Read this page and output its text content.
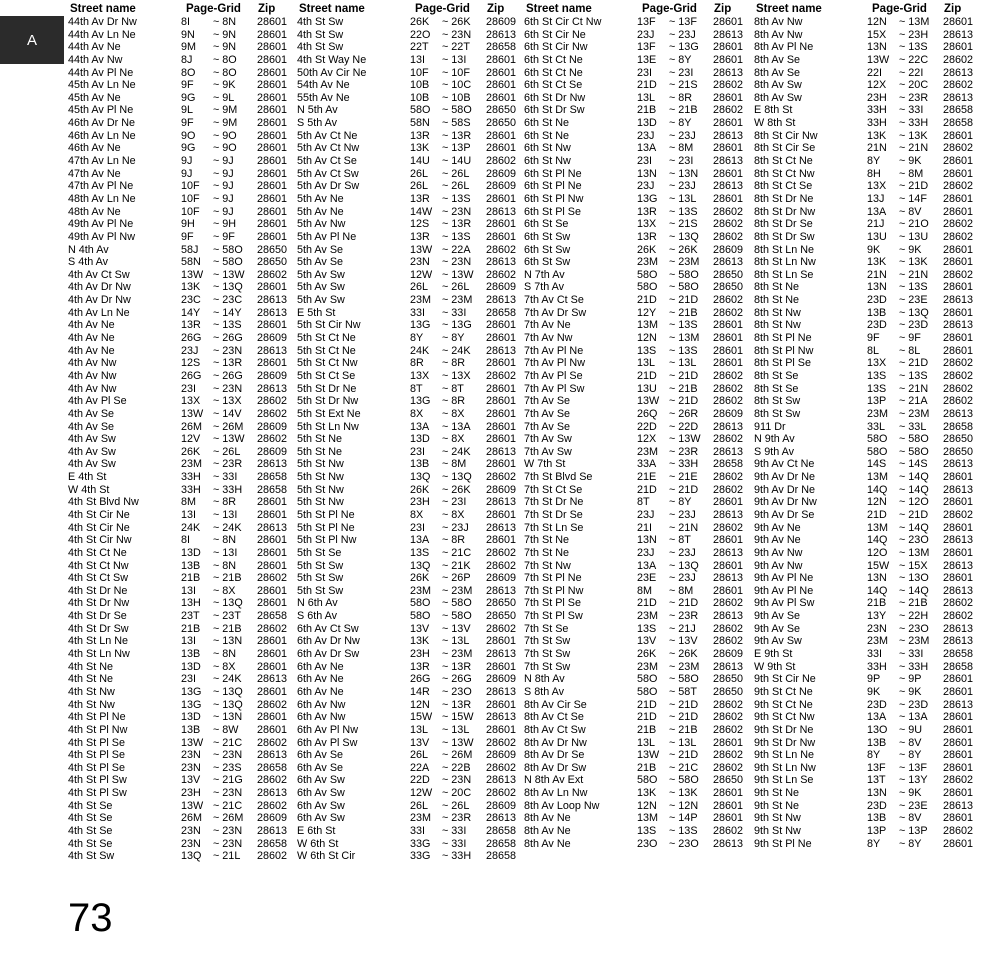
A
Street name	Page-Grid Zip
44th Av Dr Nw	8I ~ 8N 28601
44th Av Ln Ne	9N ~ 9N 28601
44th Av Ne	9M ~ 9N 28601
44th Av Nw	8J ~ 8O 28601
44th Av Pl Ne	8O ~ 8O 28601
45th Av Ln Ne	9F ~ 9K 28601
45th Av Ne	9G ~ 9L 28601
45th Av Pl Ne	9L ~ 9M 28601
46th Av Dr Ne	9F ~ 9M 28601
46th Av Ln Ne	9O ~ 9O 28601
46th Av Ne	9G ~ 9O 28601
47th Av Ln Ne	9J ~ 9J 28601
47th Av Ne	9J ~ 9J 28601
47th Av Pl Ne	10F ~ 9J 28601
48th Av Ln Ne	10F ~ 9J 28601
48th Av Ne	10F ~ 9J 28601
49th Av Pl Ne	9H ~ 9H 28601
49th Av Pl Nw	9F ~ 9F 28601
N 4th Av	58J ~ 58O 28650
S 4th Av	58N ~ 58O 28650
4th Av Ct Sw	13W ~ 13W 28602
4th Av Dr Nw	13K ~ 13Q 28601
4th Av Dr Nw	23C ~ 23C 28613
4th Av Ln Ne	14Y ~ 14Y 28613
4th Av Ne	13R ~ 13S 28601
4th Av Ne	26G ~ 26G 28609
4th Av Ne	23J ~ 23N 28613
4th Av Nw	12S ~ 13R 28601
4th Av Nw	26G ~ 26G 28609
4th Av Nw	23I ~ 23N 28613
4th Av Pl Se	13X ~ 13X 28602
4th Av Se	13W ~ 14V 28602
4th Av Se	26M ~ 26M 28609
4th Av Sw	12V ~ 13W 28602
4th Av Sw	26K ~ 26L 28609
4th Av Sw	23M ~ 23R 28613
E 4th St	33H ~ 33I 28658
W 4th St	33H ~ 33H 28658
4th St Blvd Nw	8M ~ 8R 28601
4th St Cir Ne	13I ~ 13I 28601
4th St Cir Ne	24K ~ 24K 28613
4th St Cir Nw	8I ~ 8N 28601
4th St Ct Ne	13D ~ 13I 28601
4th St Ct Nw	13B ~ 8N 28601
4th St Ct Sw	21B ~ 21B 28602
4th St Dr Ne	13I ~ 8X 28601
4th St Dr Nw	13H ~ 13Q 28601
4th St Dr Se	23T ~ 23T 28658
4th St Dr Sw	21B ~ 21B 28602
4th St Ln Ne	13I ~ 13N 28601
4th St Ln Nw	13B ~ 8N 28601
4th St Ne	13D ~ 8X 28601
4th St Ne	23I ~ 24K 28613
4th St Nw	13G ~ 13Q 28601
4th St Nw	13G ~ 13Q 28602
4th St Pl Ne	13D ~ 13N 28601
4th St Pl Nw	13B ~ 8W 28601
4th St Pl Se	13W ~ 21C 28602
4th St Pl Se	23N ~ 23N 28613
4th St Pl Se	23N ~ 23S 28658
4th St Pl Sw	13V ~ 21G 28602
4th St Pl Sw	23H ~ 23N 28613
4th St Se	13W ~ 21C 28602
4th St Se	26M ~ 26M 28609
4th St Se	23N ~ 23N 28613
4th St Se	23N ~ 23N 28658
4th St Sw	13Q ~ 21L 28602
Street name	Page-Grid Zip
4th St Sw	26K ~ 26K 28609
4th St Sw	22O ~ 23N 28613
4th St Sw	22T ~ 22T 28658
4th St Way Ne	13I ~ 13I 28601
50th Av Cir Ne	10F ~ 10F 28601
54th Av Ne	10B ~ 10C 28601
55th Av Ne	10B ~ 10B 28601
N 5th Av	58O ~ 58O 28650
S 5th Av	58N ~ 58S 28650
5th Av Ct Ne	13R ~ 13R 28601
5th Av Ct Nw	13K ~ 13P 28601
5th Av Ct Se	14U ~ 14U 28602
5th Av Ct Sw	26L ~ 26L 28609
5th Av Dr Sw	26L ~ 26L 28609
5th Av Ne	13R ~ 13S 28601
5th Av Ne	14W ~ 23N 28613
5th Av Nw	12S ~ 13R 28601
5th Av Pl Ne	13R ~ 13S 28601
5th Av Se	13W ~ 22A 28602
5th Av Se	23N ~ 23N 28613
5th Av Sw	12W ~ 13W 28602
5th Av Sw	26L ~ 26L 28609
5th Av Sw	23M ~ 23M 28613
E 5th St	33I ~ 33I 28658
5th St Cir Nw	13G ~ 13G 28601
5th St Ct Ne	8Y ~ 8Y 28601
5th St Ct Ne	24K ~ 24K 28613
5th St Ct Nw	8R ~ 8R 28601
5th St Ct Se	13X ~ 13X 28602
5th St Dr Ne	8T ~ 8T 28601
5th St Dr Nw	13G ~ 8R 28601
5th St Ext Ne	8X ~ 8X 28601
5th St Ln Nw	13A ~ 13A 28601
5th St Ne	13D ~ 8X 28601
5th St Ne	23I ~ 24K 28613
5th St Nw	13B ~ 8M 28601
5th St Nw	13Q ~ 13Q 28602
5th St Nw	26K ~ 26K 28609
5th St Nw	23H ~ 23I 28613
5th St Pl Ne	8X ~ 8X 28601
5th St Pl Ne	23I ~ 23J 28613
5th St Pl Nw	13A ~ 8R 28601
5th St Se	13S ~ 21C 28602
5th St Sw	13Q ~ 21K 28602
5th St Sw	26K ~ 26P 28609
5th St Sw	23M ~ 23M 28613
N 6th Av	58O ~ 58O 28650
S 6th Av	58O ~ 58O 28650
6th Av Ct Sw	13V ~ 13V 28602
6th Av Dr Nw	13K ~ 13L 28601
6th Av Dr Sw	23H ~ 23M 28613
6th Av Ne	13R ~ 13R 28601
6th Av Ne	26G ~ 26G 28609
6th Av Ne	14R ~ 23O 28613
6th Av Nw	12N ~ 13R 28601
6th Av Nw	15W ~ 15W 28613
6th Av Pl Nw	13L ~ 13L 28601
6th Av Pl Sw	13V ~ 13W 28602
6th Av Se	26L ~ 26M 28609
6th Av Se	22A ~ 22B 28602
6th Av Sw	22D ~ 23N 28613
6th Av Sw	12W ~ 20C 28602
6th Av Sw	26L ~ 26L 28609
6th Av Sw	23M ~ 23R 28613
E 6th St	33I ~ 33I 28658
W 6th St	33G ~ 33I 28658
W 6th St Cir	33G ~ 33H 28658
Street name	Page-Grid Zip
6th St Cir Ct Nw	13F ~ 13F 28601
6th St Cir Ne	23J ~ 23J 28613
6th St Cir Nw	13F ~ 13G 28601
6th St Ct Ne	13E ~ 8Y 28601
6th St Ct Ne	23I ~ 23I 28613
6th St Ct Se	21D ~ 21S 28602
6th St Dr Nw	13L ~ 8R 28601
6th St Dr Sw	21B ~ 21B 28602
6th St Ne	13D ~ 8Y 28601
6th St Ne	23J ~ 23J 28613
6th St Nw	13A ~ 8M 28601
6th St Nw	23I ~ 23I 28613
6th St Pl Ne	13N ~ 13N 28601
6th St Pl Ne	23J ~ 23J 28613
6th St Pl Nw	13G ~ 13L 28601
6th St Pl Se	13R ~ 13S 28602
6th St Se	13X ~ 21S 28602
6th St Sw	13R ~ 13Q 28602
6th St Sw	26K ~ 26K 28609
6th St Sw	23M ~ 23M 28613
N 7th Av	58O ~ 58O 28650
S 7th Av	58O ~ 58O 28650
7th Av Ct Se	21D ~ 21D 28602
7th Av Dr Sw	12Y ~ 21B 28602
7th Av Ne	13M ~ 13S 28601
7th Av Nw	12N ~ 13M 28601
7th Av Pl Ne	13S ~ 13S 28601
7th Av Pl Nw	13L ~ 13L 28601
7th Av Pl Se	21D ~ 21D 28602
7th Av Pl Sw	13U ~ 21B 28602
7th Av Se	13W ~ 21D 28602
7th Av Se	26Q ~ 26R 28609
7th Av Se	22D ~ 22D 28613
7th Av Sw	12X ~ 13W 28602
7th Av Sw	23M ~ 23R 28613
W 7th St	33A ~ 33H 28658
7th St Blvd Se	21E ~ 21E 28602
7th St Ct Se	21D ~ 21D 28602
7th St Dr Ne	8T ~ 8Y 28601
7th St Dr Se	23J ~ 23J 28613
7th St Ln Se	21I ~ 21N 28602
7th St Ne	13N ~ 8T 28601
7th St Ne	23J ~ 23J 28613
7th St Nw	13A ~ 13Q 28601
7th St Pl Ne	23E ~ 23J 28613
7th St Pl Nw	8M ~ 8M 28601
7th St Pl Se	21D ~ 21D 28602
7th St Pl Sw	23M ~ 23R 28613
7th St Se	13S ~ 21J 28602
7th St Sw	13V ~ 13V 28602
7th St Sw	26K ~ 26K 28609
7th St Sw	23M ~ 23M 28613
N 8th Av	58O ~ 58O 28650
S 8th Av	58O ~ 58T 28650
8th Av Cir Se	21D ~ 21D 28602
8th Av Ct Se	21D ~ 21D 28602
8th Av Ct Sw	21B ~ 21B 28602
8th Av Dr Nw	13L ~ 13L 28601
8th Av Dr Se	13W ~ 21D 28602
8th Av Dr Sw	21B ~ 21C 28602
N 8th Av Ext	58O ~ 58O 28650
8th Av Ln Nw	13K ~ 13K 28601
8th Av Loop Nw	12N ~ 12N 28601
8th Av Ne	13M ~ 14P 28601
8th Av Ne	13S ~ 13S 28602
8th Av Ne	23O ~ 23O 28613
Street name	Page-Grid Zip
8th Av Nw	12N ~ 13M 28601
8th Av Nw	15X ~ 23H 28613
8th Av Pl Ne	13N ~ 13S 28601
8th Av Se	13W ~ 22C 28602
8th Av Se	22I ~ 22I 28613
8th Av Sw	12X ~ 20C 28602
8th Av Sw	23H ~ 23R 28613
E 8th St	33H ~ 33I 28658
W 8th St	33H ~ 33H 28658
8th St Cir Nw	13K ~ 13K 28601
8th St Cir Se	21N ~ 21N 28602
8th St Ct Ne	8Y ~ 9K 28601
8th St Ct Nw	8H ~ 8M 28601
8th St Ct Se	13X ~ 21D 28602
8th St Dr Ne	13J ~ 14F 28601
8th St Dr Nw	13A ~ 8V 28601
8th St Dr Se	21J ~ 21O 28602
8th St Dr Sw	13U ~ 13U 28602
8th St Ln Ne	9K ~ 9K 28601
8th St Ln Nw	13K ~ 13K 28601
8th St Ln Se	21N ~ 21N 28602
8th St Ne	13N ~ 13S 28601
8th St Ne	23D ~ 23E 28613
8th St Nw	13B ~ 13Q 28601
8th St Nw	23D ~ 23D 28613
8th St Pl Ne	9F ~ 9F 28601
8th St Pl Nw	8L ~ 8L 28601
8th St Pl Se	13X ~ 21D 28602
8th St Se	13S ~ 13S 28602
8th St Se	13S ~ 21N 28602
8th St Sw	13P ~ 21A 28602
8th St Sw	23M ~ 23M 28613
911 Dr	33L ~ 33L 28658
N 9th Av	58O ~ 58O 28650
S 9th Av	58O ~ 58O 28650
9th Av Ct Ne	14S ~ 14S 28613
9th Av Dr Ne	13M ~ 14Q 28601
9th Av Dr Ne	14Q ~ 14Q 28613
9th Av Dr Nw	12N ~ 12O 28601
9th Av Dr Se	21D ~ 21D 28602
9th Av Ne	13M ~ 14Q 28601
9th Av Ne	14Q ~ 23O 28613
9th Av Nw	12O ~ 13M 28601
9th Av Nw	15W ~ 15X 28613
9th Av Pl Ne	13N ~ 13O 28601
9th Av Pl Ne	14Q ~ 14Q 28613
9th Av Pl Sw	21B ~ 21B 28602
9th Av Se	13Y ~ 22H 28602
9th Av Se	23N ~ 23O 28613
9th Av Sw	23M ~ 23M 28613
E 9th St	33I ~ 33I 28658
W 9th St	33H ~ 33H 28658
9th St Cir Ne	9P ~ 9P 28601
9th St Ct Ne	9K ~ 9K 28601
9th St Ct Ne	23D ~ 23D 28613
9th St Ct Nw	13A ~ 13A 28601
9th St Dr Ne	13O ~ 9U 28601
9th St Dr Nw	13B ~ 8V 28601
9th St Ln Ne	8Y ~ 8Y 28601
9th St Ln Nw	13F ~ 13F 28601
9th St Ln Se	13T ~ 13Y 28602
9th St Ne	13N ~ 9K 28601
9th St Ne	23D ~ 23E 28613
9th St Nw	13B ~ 8V 28601
9th St Nw	13P ~ 13P 28602
9th St Pl Ne	8Y ~ 8Y 28601
73
